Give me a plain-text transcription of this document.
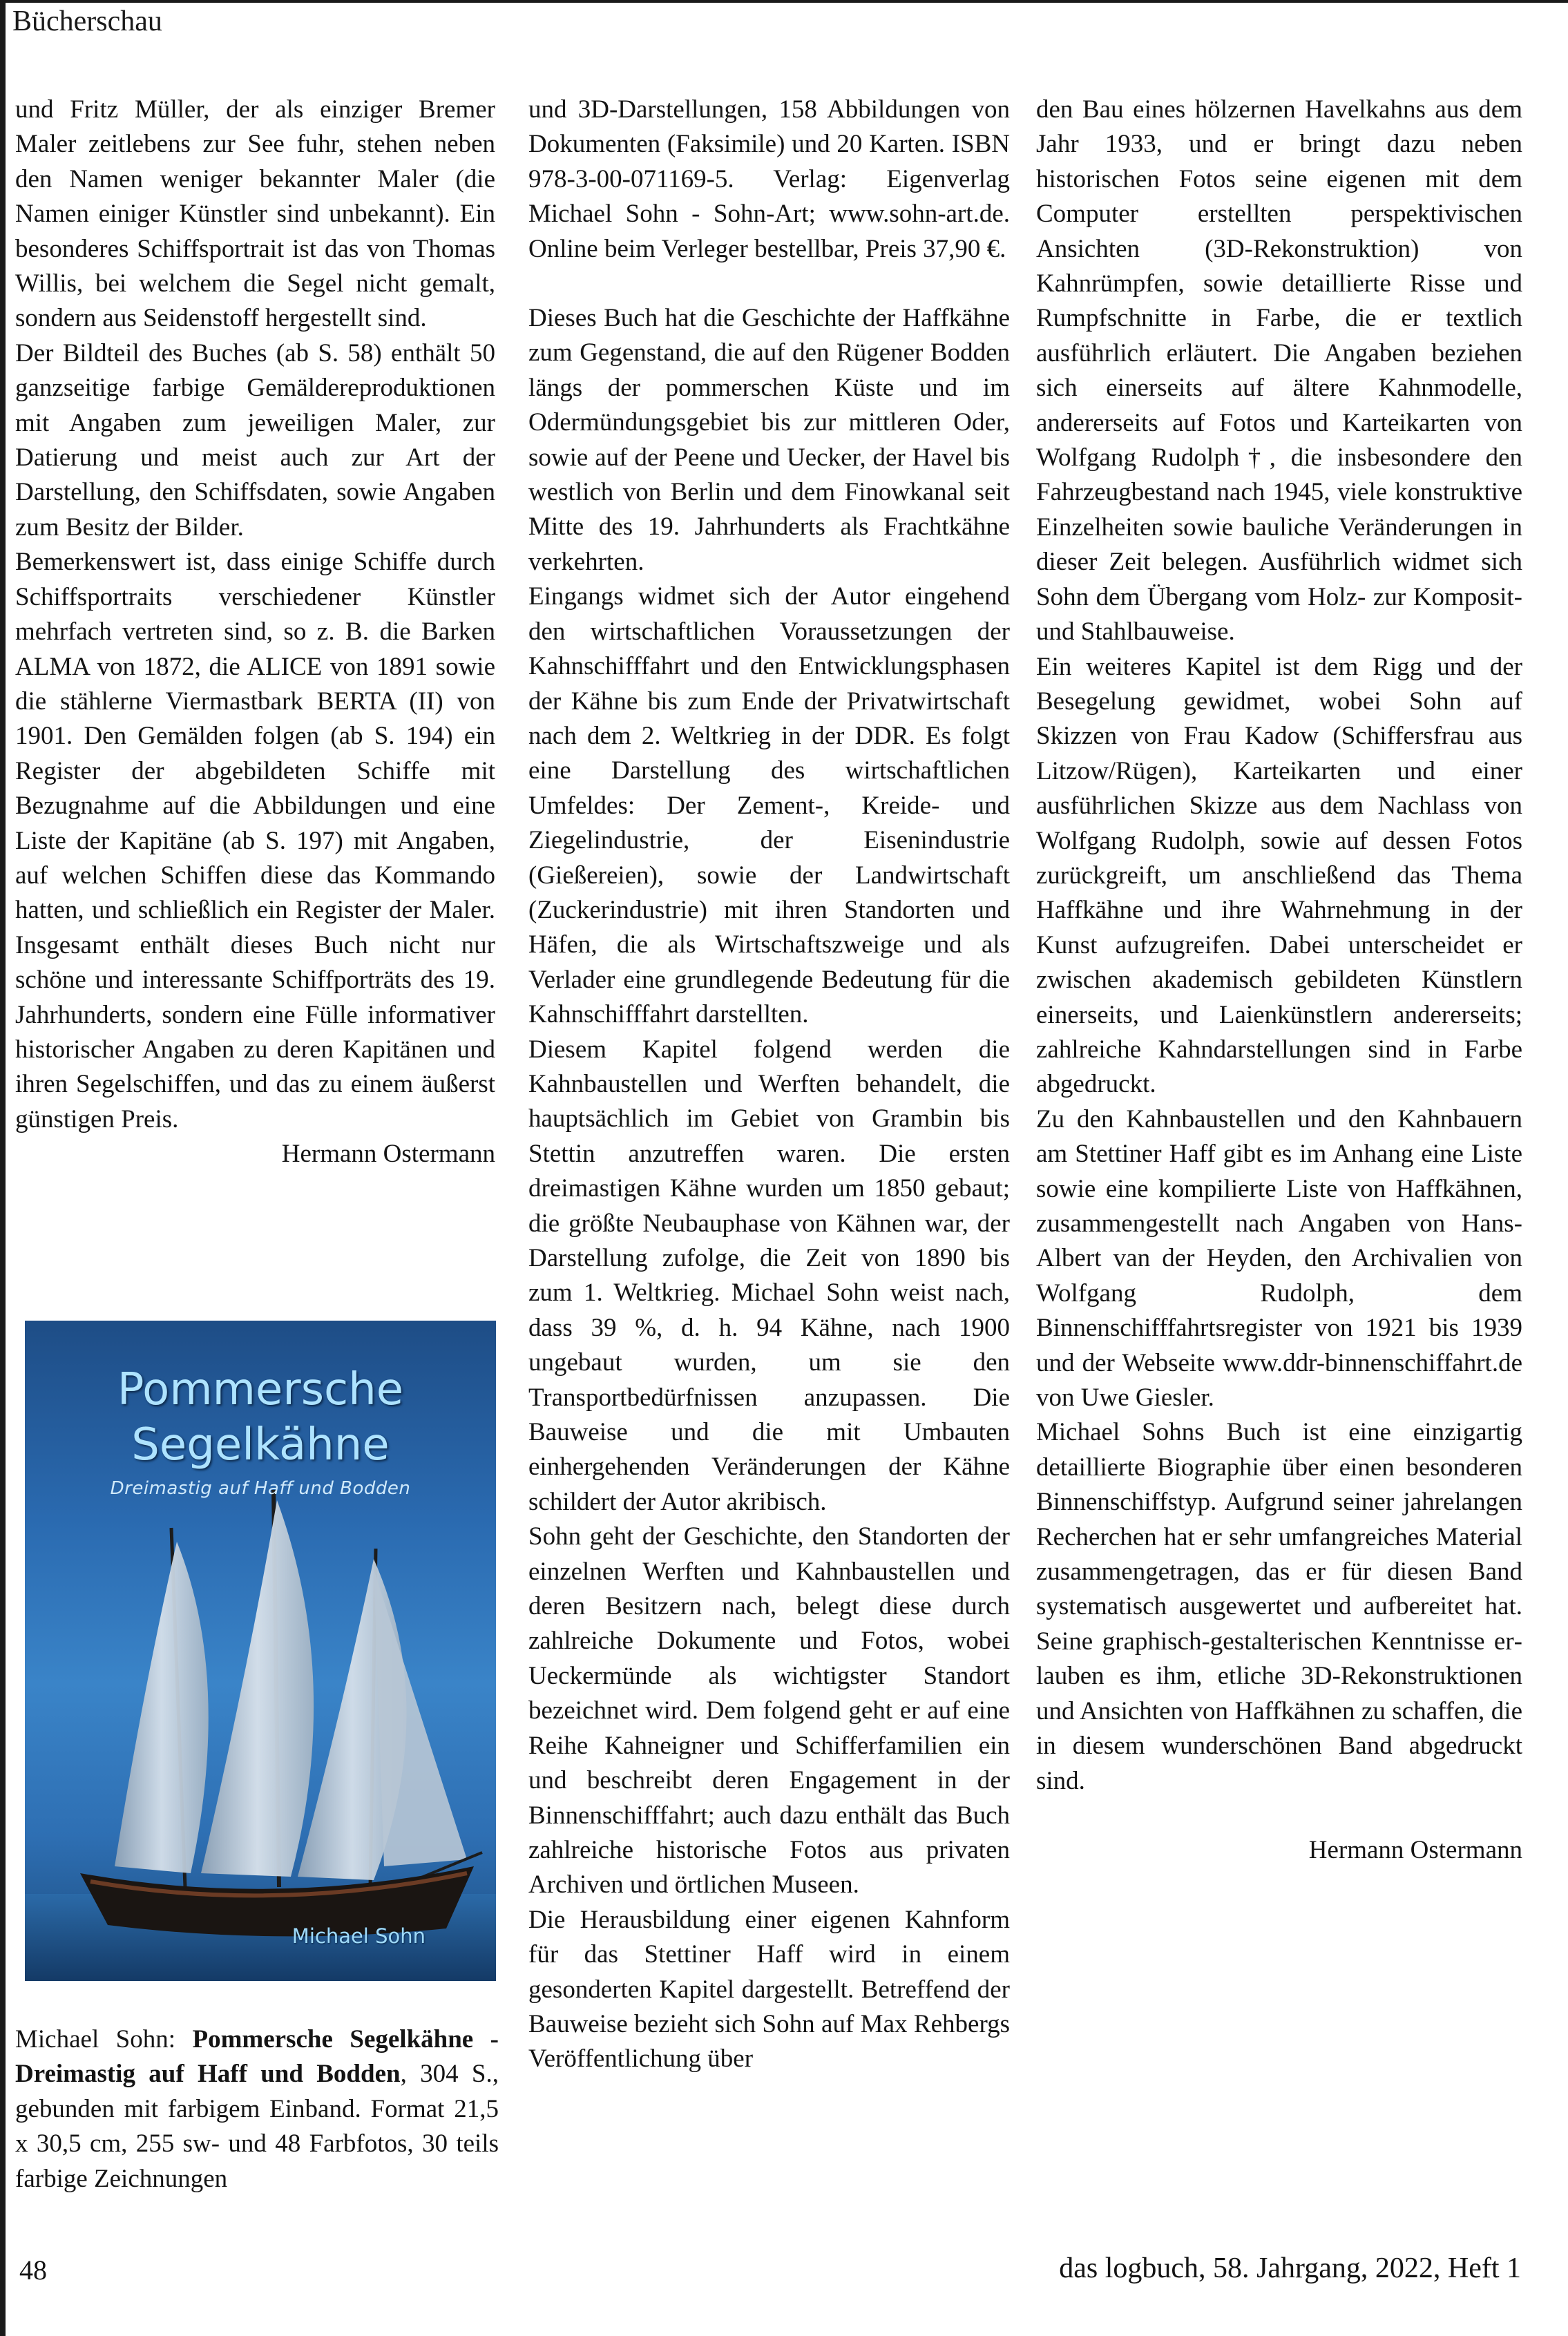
Bücherschau

und Fritz Müller, der als einziger Bremer Maler zeitlebens zur See fuhr, stehen neben den Namen weniger bekannter Maler (die Namen einiger Künstler sind unbekannt). Ein besonderes Schiffsportrait ist das von Thomas Willis, bei welchem die Segel nicht gemalt, sondern aus Seidenstoff hergestellt sind.

Der Bildteil des Buches (ab S. 58) enthält 50 ganzseitige farbige Gemäldereproduktionen mit Angaben zum jeweiligen Maler, zur Datierung und meist auch zur Art der Darstellung, den Schiffsdaten, sowie Angaben zum Besitz der Bilder.

Bemerkenswert ist, dass einige Schiffe durch Schiffsportraits verschiedener Künstler mehrfach vertreten sind, so z. B. die Barken ALMA von 1872, die ALICE von 1891 sowie die stählerne Viermastbark BERTA (II) von 1901. Den Gemälden folgen (ab S. 194) ein Register der abgebildeten Schiffe mit Bezugnahme auf die Abbildungen und eine Liste der Kapitäne (ab S. 197) mit Angaben, auf welchen Schiffen diese das Kommando hatten, und schließlich ein Register der Maler. Insgesamt enthält dieses Buch nicht nur schöne und interessante Schiffporträts des 19. Jahrhunderts, sondern eine Fülle informativer historischer Angaben zu deren Kapitänen und ihren Segelschiffen, und das zu einem äußerst günstigen Preis.

Hermann Ostermann

Pommersche
Segelkähne
Dreimastig auf Haff und Bodden
Michael Sohn
Michael Sohn: Pommersche Segelkähne - Dreimastig auf Haff und Bodden, 304 S., gebunden mit farbigem Einband. Format 21,5 x 30,5 cm, 255 sw- und 48 Farbfotos, 30 teils farbige Zeichnungen

und 3D-Darstellungen, 158 Abbildungen von Dokumenten (Faksimile) und 20 Karten. ISBN 978-3-00-071169-5. Verlag: Eigenverlag Michael Sohn - Sohn-Art; www.sohn-art.de. Online beim Verleger bestellbar, Preis 37,90 €.

Dieses Buch hat die Geschichte der Haffkähne zum Gegenstand, die auf den Rügener Bodden längs der pommerschen Küste und im Odermündungsgebiet bis zur mittleren Oder, sowie auf der Peene und Uecker, der Havel bis westlich von Berlin und dem Finowkanal seit Mitte des 19. Jahrhunderts als Frachtkähne verkehrten.

Eingangs widmet sich der Autor eingehend den wirtschaftlichen Voraussetzungen der Kahnschifffahrt und den Entwicklungsphasen der Kähne bis zum Ende der Privatwirtschaft nach dem 2. Weltkrieg in der DDR. Es folgt eine Darstellung des wirtschaftlichen Umfeldes: Der Zement-, Kreide- und Ziegelindustrie, der Eisenindustrie (Gießereien), sowie der Landwirtschaft (Zuckerindustrie) mit ihren Standorten und Häfen, die als Wirtschaftszweige und als Verlader eine grundlegende Bedeutung für die Kahnschifffahrt darstellten.

Diesem Kapitel folgend werden die Kahnbaustellen und Werften behandelt, die hauptsächlich im Gebiet von Grambin bis Stettin anzutreffen waren. Die ersten dreimastigen Kähne wurden um 1850 gebaut; die größte Neubauphase von Kähnen war, der Darstellung zufolge, die Zeit von 1890 bis zum 1. Weltkrieg. Michael Sohn weist nach, dass 39 %, d. h. 94 Kähne, nach 1900 ungebaut wurden, um sie den Transportbedürfnissen anzupassen. Die Bauweise und die mit Umbauten einhergehenden Veränderungen der Kähne schildert der Autor akribisch.

Sohn geht der Geschichte, den Standorten der einzelnen Werften und Kahnbaustellen und deren Besitzern nach, belegt diese durch zahlreiche Dokumente und Fotos, wobei Ueckermünde als wichtigster Standort bezeichnet wird. Dem folgend geht er auf eine Reihe Kahneigner und Schifferfamilien ein und beschreibt deren Engagement in der Binnenschifffahrt; auch dazu enthält das Buch zahlreiche historische Fotos aus privaten Archiven und örtlichen Museen.

Die Herausbildung einer eigenen Kahnform für das Stettiner Haff wird in einem gesonderten Kapitel dargestellt. Betreffend der Bauweise bezieht sich Sohn auf Max Rehbergs Veröffentlichung über

den Bau eines hölzernen Havelkahns aus dem Jahr 1933, und er bringt dazu neben historischen Fotos seine eigenen mit dem Computer erstellten perspektivischen Ansichten (3D-Rekonstruktion) von Kahnrümpfen, sowie detaillierte Risse und Rumpfschnitte in Farbe, die er textlich ausführlich erläutert. Die Angaben beziehen sich einerseits auf ältere Kahnmodelle, andererseits auf Fotos und Karteikarten von Wolfgang Rudolph†, die insbesondere den Fahrzeugbestand nach 1945, viele konstruktive Einzelheiten sowie bauliche Veränderungen in dieser Zeit belegen. Ausführlich widmet sich Sohn dem Übergang vom Holz- zur Komposit- und Stahlbauweise.

Ein weiteres Kapitel ist dem Rigg und der Besegelung gewidmet, wobei Sohn auf Skizzen von Frau Kadow (Schiffersfrau aus Litzow/Rügen), Karteikarten und einer ausführlichen Skizze aus dem Nachlass von Wolfgang Rudolph, sowie auf dessen Fotos zurückgreift, um anschließend das Thema Haffkähne und ihre Wahrnehmung in der Kunst aufzugreifen. Dabei unterscheidet er zwischen akademisch gebildeten Künstlern einerseits, und Laienkünstlern andererseits; zahlreiche Kahndarstellungen sind in Farbe abgedruckt.

Zu den Kahnbaustellen und den Kahnbauern am Stettiner Haff gibt es im Anhang eine Liste sowie eine kompilierte Liste von Haffkähnen, zusammengestellt nach Angaben von Hans-Albert van der Heyden, den Archivalien von Wolfgang Rudolph, dem Binnenschifffahrtsregister von 1921 bis 1939 und der Webseite www.ddr-binnenschiffahrt.de von Uwe Giesler.

Michael Sohns Buch ist eine einzigartig detaillierte Biographie über einen besonderen Binnenschiffstyp. Aufgrund seiner jahrelangen Recherchen hat er sehr umfangreiches Material zusammengetragen, das er für diesen Band systematisch ausgewertet und aufbereitet hat. Seine graphisch-gestalterischen Kenntnisse erlauben es ihm, etliche 3D-Rekonstruktionen und Ansichten von Haffkähnen zu schaffen, die in diesem wunderschönen Band abgedruckt sind.

Hermann Ostermann

48	das logbuch, 58. Jahrgang, 2022, Heft 1
